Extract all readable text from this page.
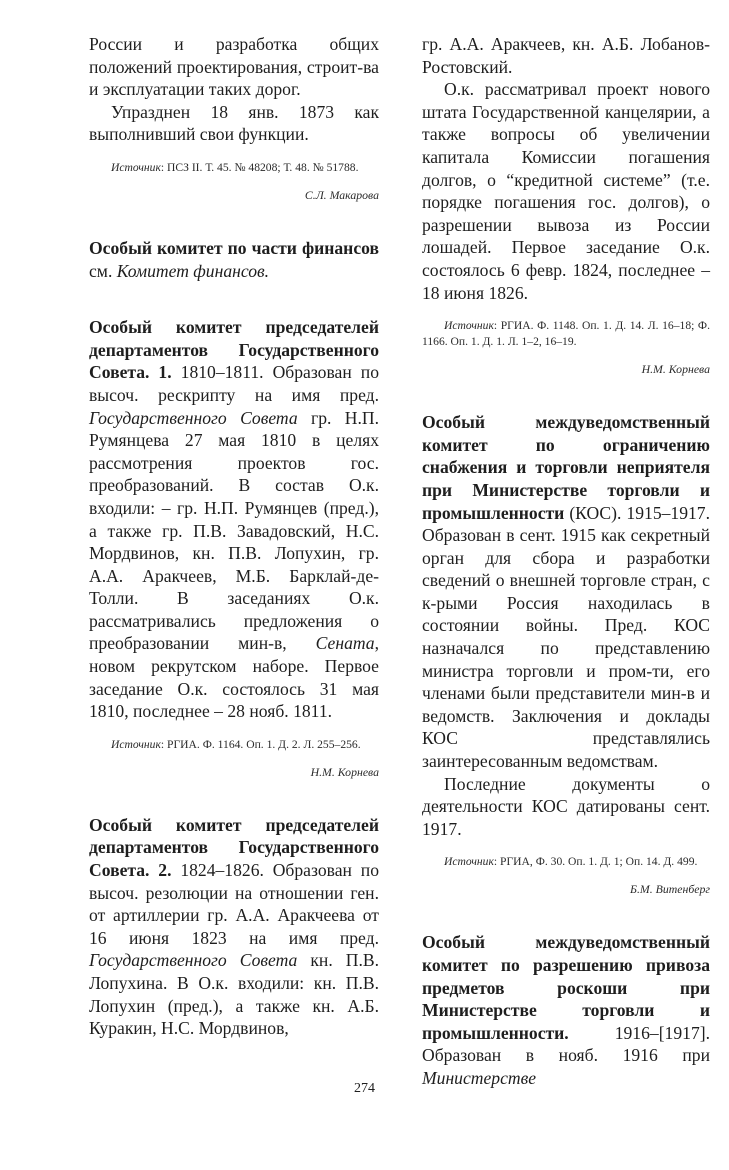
России и разработка общих положений проектирования, строит-ва и эксплуатации таких дорог.

Упразднен 18 янв. 1873 как выполнивший свои функции.

Источник: ПСЗ II. Т. 45. № 48208; Т. 48. № 51788.

С.Л. Макарова

Особый комитет по части финансов см. Комитет финансов.

Особый комитет председателей департаментов Государственного Совета. 1. 1810–1811. Образован по высоч. рескрипту на имя пред. Государственного Совета гр. Н.П. Румянцева 27 мая 1810 в целях рассмотрения проектов гос. преобразований. В состав О.к. входили: – гр. Н.П. Румянцев (пред.), а также гр. П.В. Завадовский, Н.С. Мордвинов, кн. П.В. Лопухин, гр. А.А. Аракчеев, М.Б. Барклай-де-Толли. В заседаниях О.к. рассматривались предложения о преобразовании мин-в, Сената, новом рекрутском наборе. Первое заседание О.к. состоялось 31 мая 1810, последнее – 28 нояб. 1811.

Источник: РГИА. Ф. 1164. Оп. 1. Д. 2. Л. 255–256.

Н.М. Корнева

Особый комитет председателей департаментов Государственного Совета. 2. 1824–1826. Образован по высоч. резолюции на отношении ген. от артиллерии гр. А.А. Аракчеева от 16 июня 1823 на имя пред. Государственного Совета кн. П.В. Лопухина. В О.к. входили: кн. П.В. Лопухин (пред.), а также кн. А.Б. Куракин, Н.С. Мордвинов,

гр. А.А. Аракчеев, кн. А.Б. Лобанов-Ростовский.

О.к. рассматривал проект нового штата Государственной канцелярии, а также вопросы об увеличении капитала Комиссии погашения долгов, о “кредитной системе” (т.е. порядке погашения гос. долгов), о разрешении вывоза из России лошадей. Первое заседание О.к. состоялось 6 февр. 1824, последнее – 18 июня 1826.

Источник: РГИА. Ф. 1148. Оп. 1. Д. 14. Л. 16–18; Ф. 1166. Оп. 1. Д. 1. Л. 1–2, 16–19.

Н.М. Корнева

Особый междуведомственный комитет по ограничению снабжения и торговли неприятеля при Министерстве торговли и промышленности (КОС). 1915–1917. Образован в сент. 1915 как секретный орган для сбора и разработки сведений о внешней торговле стран, с к-рыми Россия находилась в состоянии войны. Пред. КОС назначался по представлению министра торговли и пром-ти, его членами были представители мин-в и ведомств. Заключения и доклады КОС представлялись заинтересованным ведомствам.

Последние документы о деятельности КОС датированы сент. 1917.

Источник: РГИА, Ф. 30. Оп. 1. Д. 1; Оп. 14. Д. 499.

Б.М. Витенберг

Особый междуведомственный комитет по разрешению привоза предметов роскоши при Министерстве торговли и промышленности. 1916–[1917]. Образован в нояб. 1916 при Министерстве

274
